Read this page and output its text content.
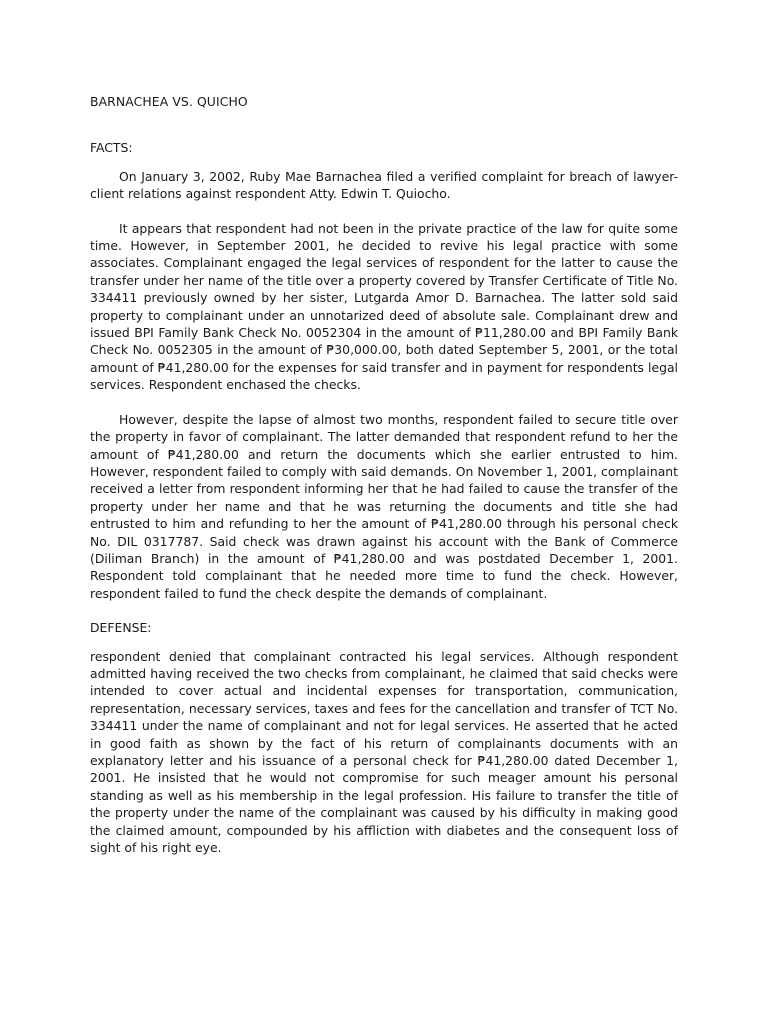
BARNACHEA VS. QUICHO
FACTS:

On January 3, 2002, Ruby Mae Barnachea filed a verified complaint for breach of lawyer-client relations against respondent Atty. Edwin T. Quiocho.

It appears that respondent had not been in the private practice of the law for quite some time. However, in September 2001, he decided to revive his legal practice with some associates. Complainant engaged the legal services of respondent for the latter to cause the transfer under her name of the title over a property covered by Transfer Certificate of Title No. 334411 previously owned by her sister, Lutgarda Amor D. Barnachea. The latter sold said property to complainant under an unnotarized deed of absolute sale. Complainant drew and issued BPI Family Bank Check No. 0052304 in the amount of ₱11,280.00 and BPI Family Bank Check No. 0052305 in the amount of ₱30,000.00, both dated September 5, 2001, or the total amount of ₱41,280.00 for the expenses for said transfer and in payment for respondents legal services. Respondent enchased the checks.

However, despite the lapse of almost two months, respondent failed to secure title over the property in favor of complainant. The latter demanded that respondent refund to her the amount of ₱41,280.00 and return the documents which she earlier entrusted to him. However, respondent failed to comply with said demands. On November 1, 2001, complainant received a letter from respondent informing her that he had failed to cause the transfer of the property under her name and that he was returning the documents and title she had entrusted to him and refunding to her the amount of ₱41,280.00 through his personal check No. DIL 0317787. Said check was drawn against his account with the Bank of Commerce (Diliman Branch) in the amount of ₱41,280.00 and was postdated December 1, 2001. Respondent told complainant that he needed more time to fund the check. However, respondent failed to fund the check despite the demands of complainant.

DEFENSE:

respondent denied that complainant contracted his legal services. Although respondent admitted having received the two checks from complainant, he claimed that said checks were intended to cover actual and incidental expenses for transportation, communication, representation, necessary services, taxes and fees for the cancellation and transfer of TCT No. 334411 under the name of complainant and not for legal services. He asserted that he acted in good faith as shown by the fact of his return of complainants documents with an explanatory letter and his issuance of a personal check for ₱41,280.00 dated December 1, 2001. He insisted that he would not compromise for such meager amount his personal standing as well as his membership in the legal profession. His failure to transfer the title of the property under the name of the complainant was caused by his difficulty in making good the claimed amount, compounded by his affliction with diabetes and the consequent loss of sight of his right eye.
